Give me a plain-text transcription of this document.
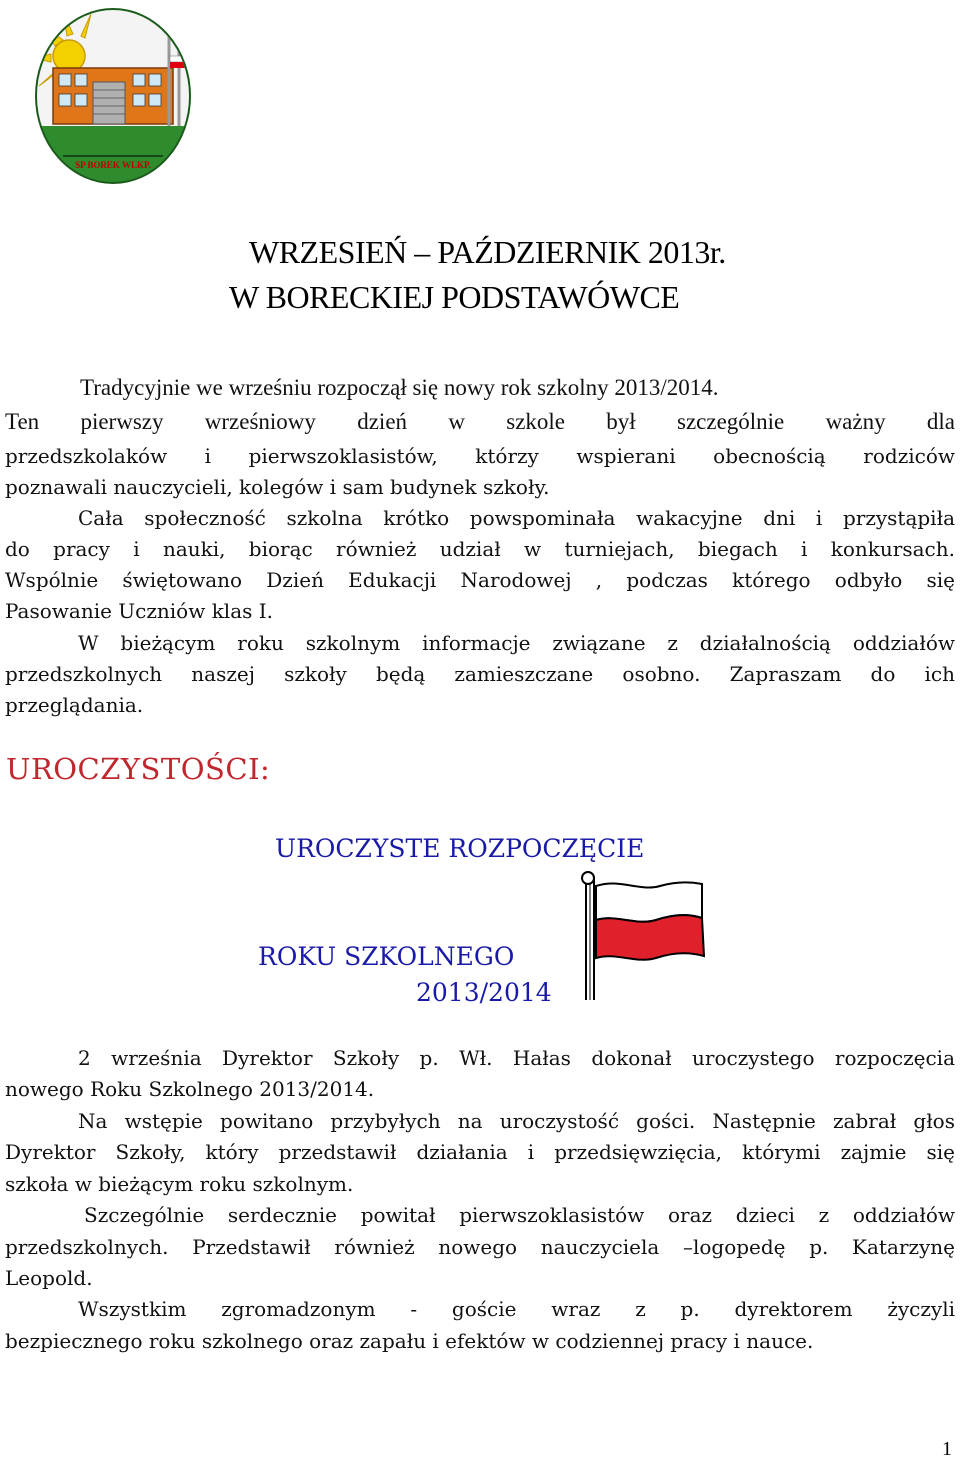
SP BOREK WLKP.
WRZESIEŃ – PAŹDZIERNIK 2013r.
W BORECKIEJ PODSTAWÓWCE
Tradycyjnie we wrześniu rozpoczął się nowy rok szkolny 2013/2014.
Ten pierwszy wrześniowy dzień w szkole był szczególnie ważny dla
przedszkolaków i pierwszoklasistów, którzy wspierani obecnością rodziców
poznawali nauczycieli, kolegów i sam budynek szkoły.
Cała społeczność szkolna krótko powspominała wakacyjne dni i przystąpiła
do pracy i nauki, biorąc również udział w turniejach, biegach i konkursach.
Wspólnie świętowano Dzień Edukacji Narodowej , podczas którego odbyło się
Pasowanie Uczniów klas I.
W bieżącym roku szkolnym informacje związane z działalnością oddziałów
przedszkolnych naszej szkoły będą zamieszczane osobno. Zapraszam do ich
przeglądania.
UROCZYSTOŚCI:
UROCZYSTE ROZPOCZĘCIE
ROKU SZKOLNEGO
2013/2014
2 września Dyrektor Szkoły p. Wł. Hałas dokonał uroczystego rozpoczęcia
nowego Roku Szkolnego 2013/2014.
Na wstępie powitano przybyłych na uroczystość gości. Następnie zabrał głos
Dyrektor Szkoły, który przedstawił działania i przedsięwzięcia, którymi zajmie się
szkoła w bieżącym roku szkolnym.
Szczególnie serdecznie powitał pierwszoklasistów oraz dzieci z oddziałów
przedszkolnych. Przedstawił również nowego nauczyciela –logopedę p. Katarzynę
Leopold.
Wszystkim zgromadzonym - goście wraz z p. dyrektorem życzyli
bezpiecznego roku szkolnego oraz zapału i efektów w codziennej pracy i nauce.
1
